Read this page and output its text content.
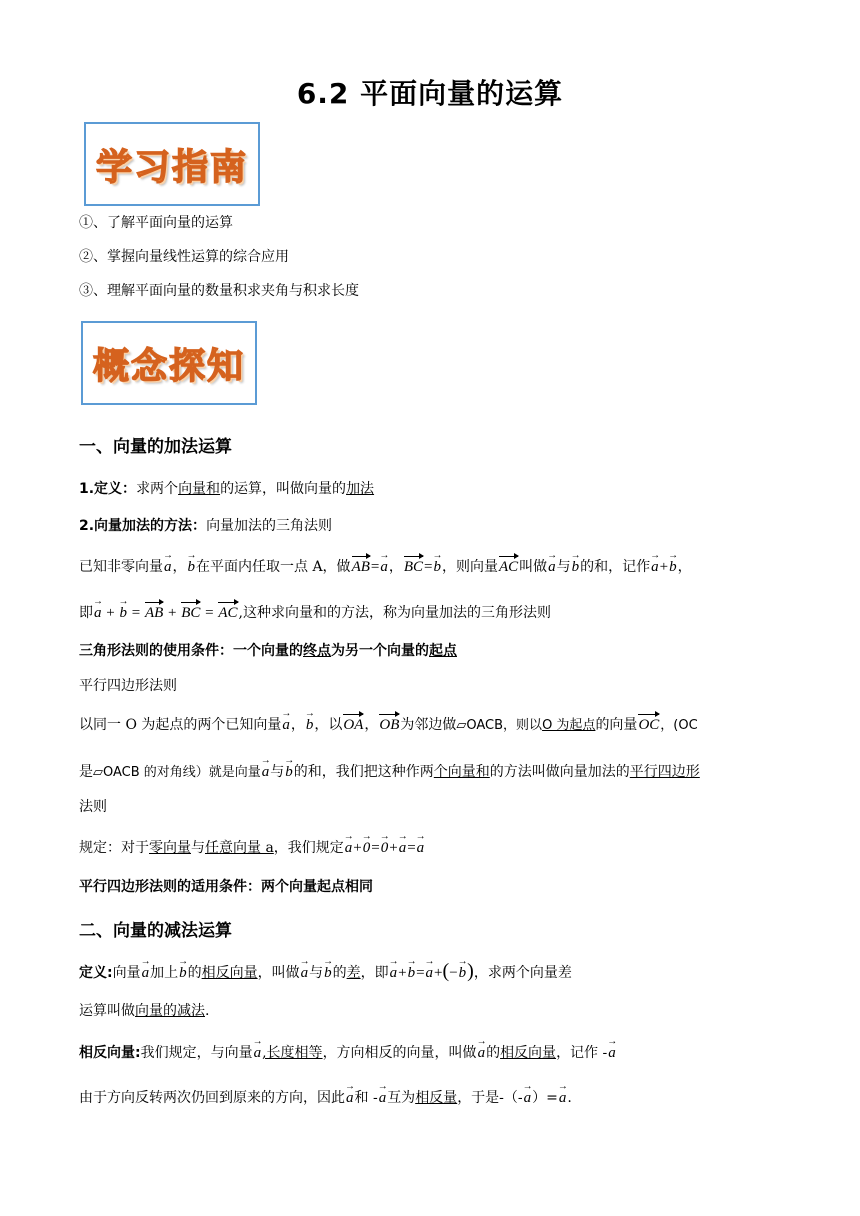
6.2 平面向量的运算
学习指南
①、了解平面向量的运算
②、掌握向量线性运算的综合应用
③、理解平面向量的数量积求夹角与积求长度
概念探知
一、向量的加法运算
1.定义：求两个向量和的运算，叫做向量的加法
2.向量加法的方法：向量加法的三角法则
已知非零向量→ a，→ b在平面内任取一点 A，做AB=→ a，BC=→ b，则向量AC叫做→ a与→ b的和，记作→ a+→ b，
即→ a + → b = AB + BC = AC,这种求向量和的方法，称为向量加法的三角形法则
三角形法则的使用条件：一个向量的终点为另一个向量的起点
平行四边形法则
以同一 O 为起点的两个已知向量→ a，→ b，以OA，OB为邻边做▱OACB，则以O 为起点的向量OC，(OC
是▱OACB 的对角线）就是向量→ a与→ b的和，我们把这种作两个向量和的方法叫做向量加法的平行四边形
法则
规定：对于零向量与任意向量 a，我们规定→ a+→ 0=→ 0+→ a=→ a
平行四边形法则的适用条件：两个向量起点相同
二、向量的减法运算
定义:向量→ a加上→ b的相反向量，叫做→ a与→ b的差，即→ a+→ b=→ a+(−→ b)，求两个向量差
运算叫做向量的减法.
相反向量:我们规定，与向量→ a,长度相等，方向相反的向量，叫做→ a的相反向量，记作 -→ a
由于方向反转两次仍回到原来的方向，因此→ a和 -→ a互为相反量，于是-（-→ a）=→ a.
